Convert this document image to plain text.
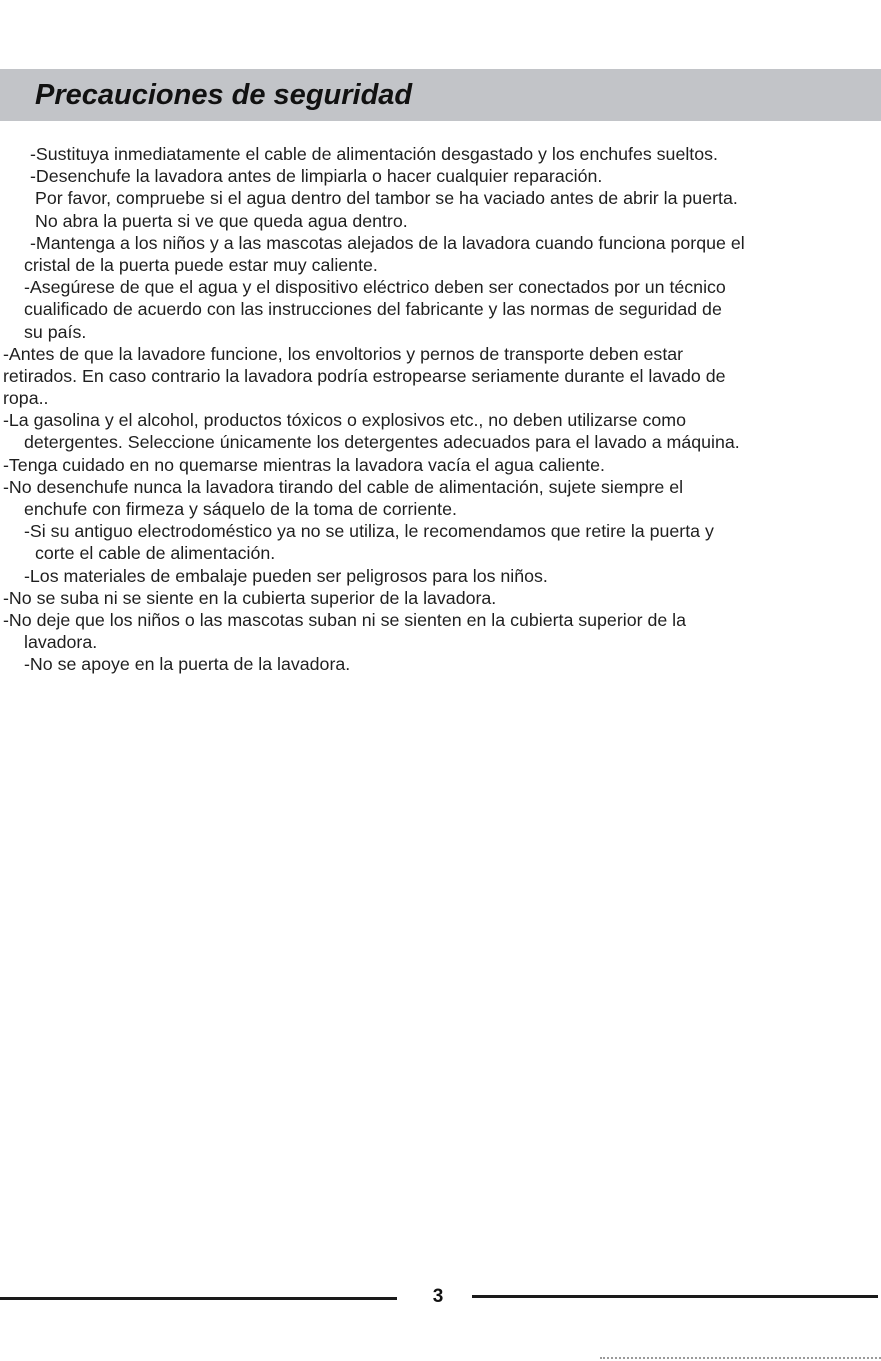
Precauciones de seguridad
-Sustituya inmediatamente el cable de alimentación desgastado y los enchufes sueltos.
-Desenchufe la lavadora antes de limpiarla o hacer cualquier reparación.
Por favor, compruebe si el agua dentro del tambor se ha vaciado antes de abrir la puerta.
No abra la puerta si ve que queda agua dentro.
-Mantenga a los niños y a las mascotas alejados de la lavadora cuando funciona porque el
cristal de la puerta puede estar muy caliente.
-Asegúrese de que el agua y el dispositivo eléctrico deben ser conectados por un técnico
cualificado de acuerdo con las instrucciones del fabricante y las normas de seguridad de
su país.
-Antes de que la lavadore funcione, los envoltorios y pernos de transporte deben estar
retirados. En caso contrario la lavadora podría estropearse seriamente durante el lavado de
ropa..
-La gasolina y el alcohol, productos tóxicos o explosivos etc., no deben utilizarse como
detergentes. Seleccione únicamente los detergentes adecuados para el lavado a máquina.
-Tenga cuidado en no quemarse mientras la lavadora vacía el agua caliente.
-No desenchufe nunca la lavadora tirando del cable de alimentación, sujete siempre el
enchufe con firmeza y sáquelo de la toma de corriente.
-Si su antiguo electrodoméstico ya no se utiliza, le recomendamos que retire la puerta y
corte el cable de alimentación.
-Los materiales de embalaje pueden ser peligrosos para los niños.
-No se suba ni se siente en la cubierta superior de la lavadora.
-No deje que los niños o las mascotas suban ni se sienten en la cubierta superior de la
lavadora.
-No se apoye en la puerta de la lavadora.
3
